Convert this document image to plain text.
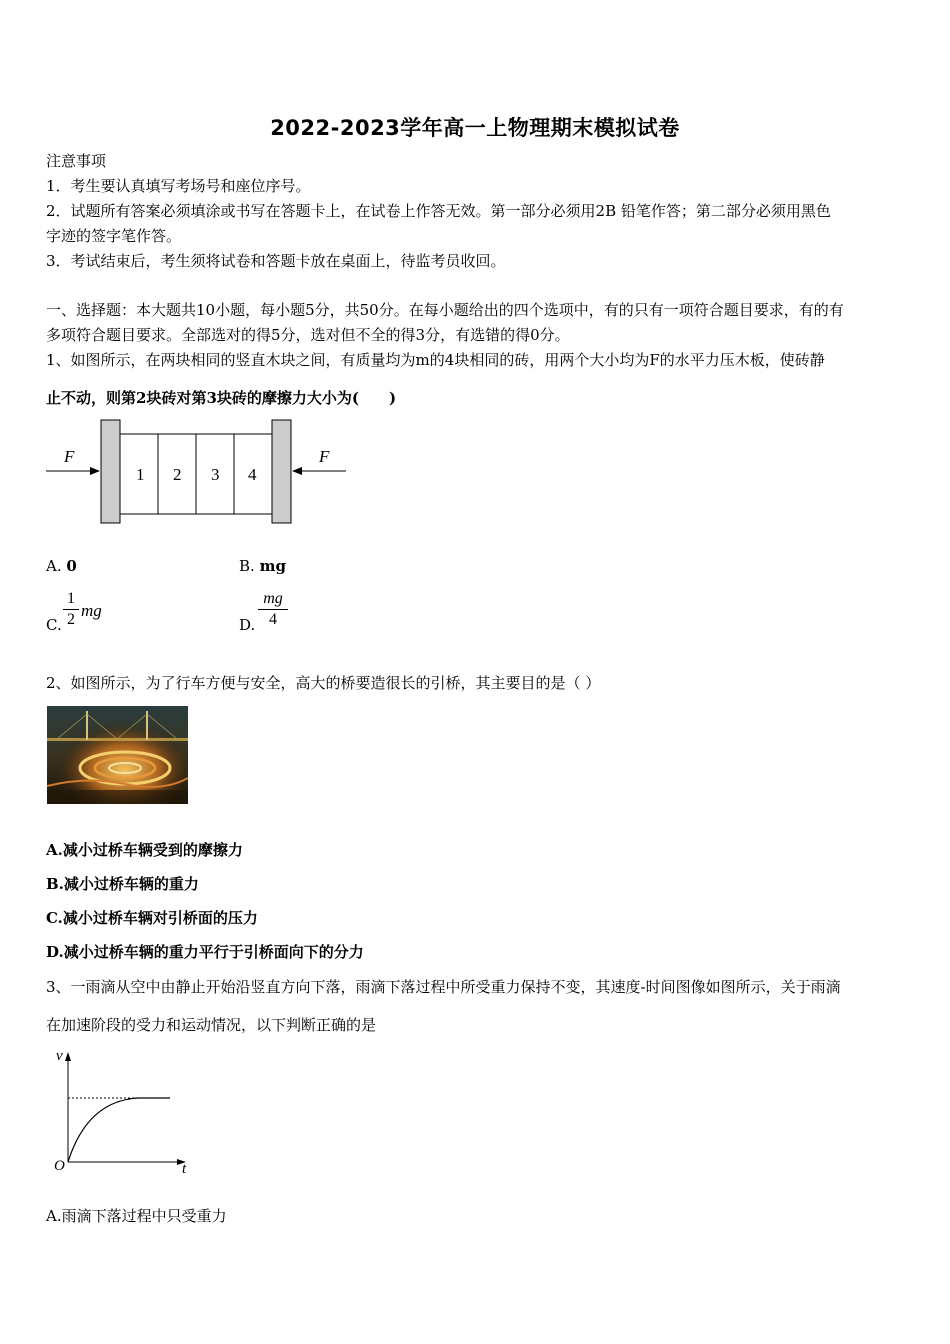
2022-2023学年高一上物理期末模拟试卷
注意事项
1．考生要认真填写考场号和座位序号。
2．试题所有答案必须填涂或书写在答题卡上，在试卷上作答无效。第一部分必须用2B 铅笔作答；第二部分必须用黑色
字迹的签字笔作答。
3．考试结束后，考生须将试卷和答题卡放在桌面上，待监考员收回。
一、选择题：本大题共10小题，每小题5分，共50分。在每小题给出的四个选项中，有的只有一项符合题目要求，有的有
多项符合题目要求。全部选对的得5分，选对但不全的得3分，有选错的得0分。
1、如图所示，在两块相同的竖直木块之间，有质量均为m的4块相同的砖，用两个大小均为F的水平力压木板，使砖静
止不动，则第2块砖对第3块砖的摩擦力大小为(　　)
F
1 2 3 4
F
A. 0	B. mg
C.
1
2 mg
D.
mg
4
2、如图所示，为了行车方便与安全，高大的桥要造很长的引桥，其主要目的是（ ）
A.减小过桥车辆受到的摩擦力
B.减小过桥车辆的重力
C.减小过桥车辆对引桥面的压力
D.减小过桥车辆的重力平行于引桥面向下的分力
3、一雨滴从空中由静止开始沿竖直方向下落，雨滴下落过程中所受重力保持不变，其速度-时间图像如图所示，关于雨滴
在加速阶段的受力和运动情况，以下判断正确的是
v
t
O
A.雨滴下落过程中只受重力
